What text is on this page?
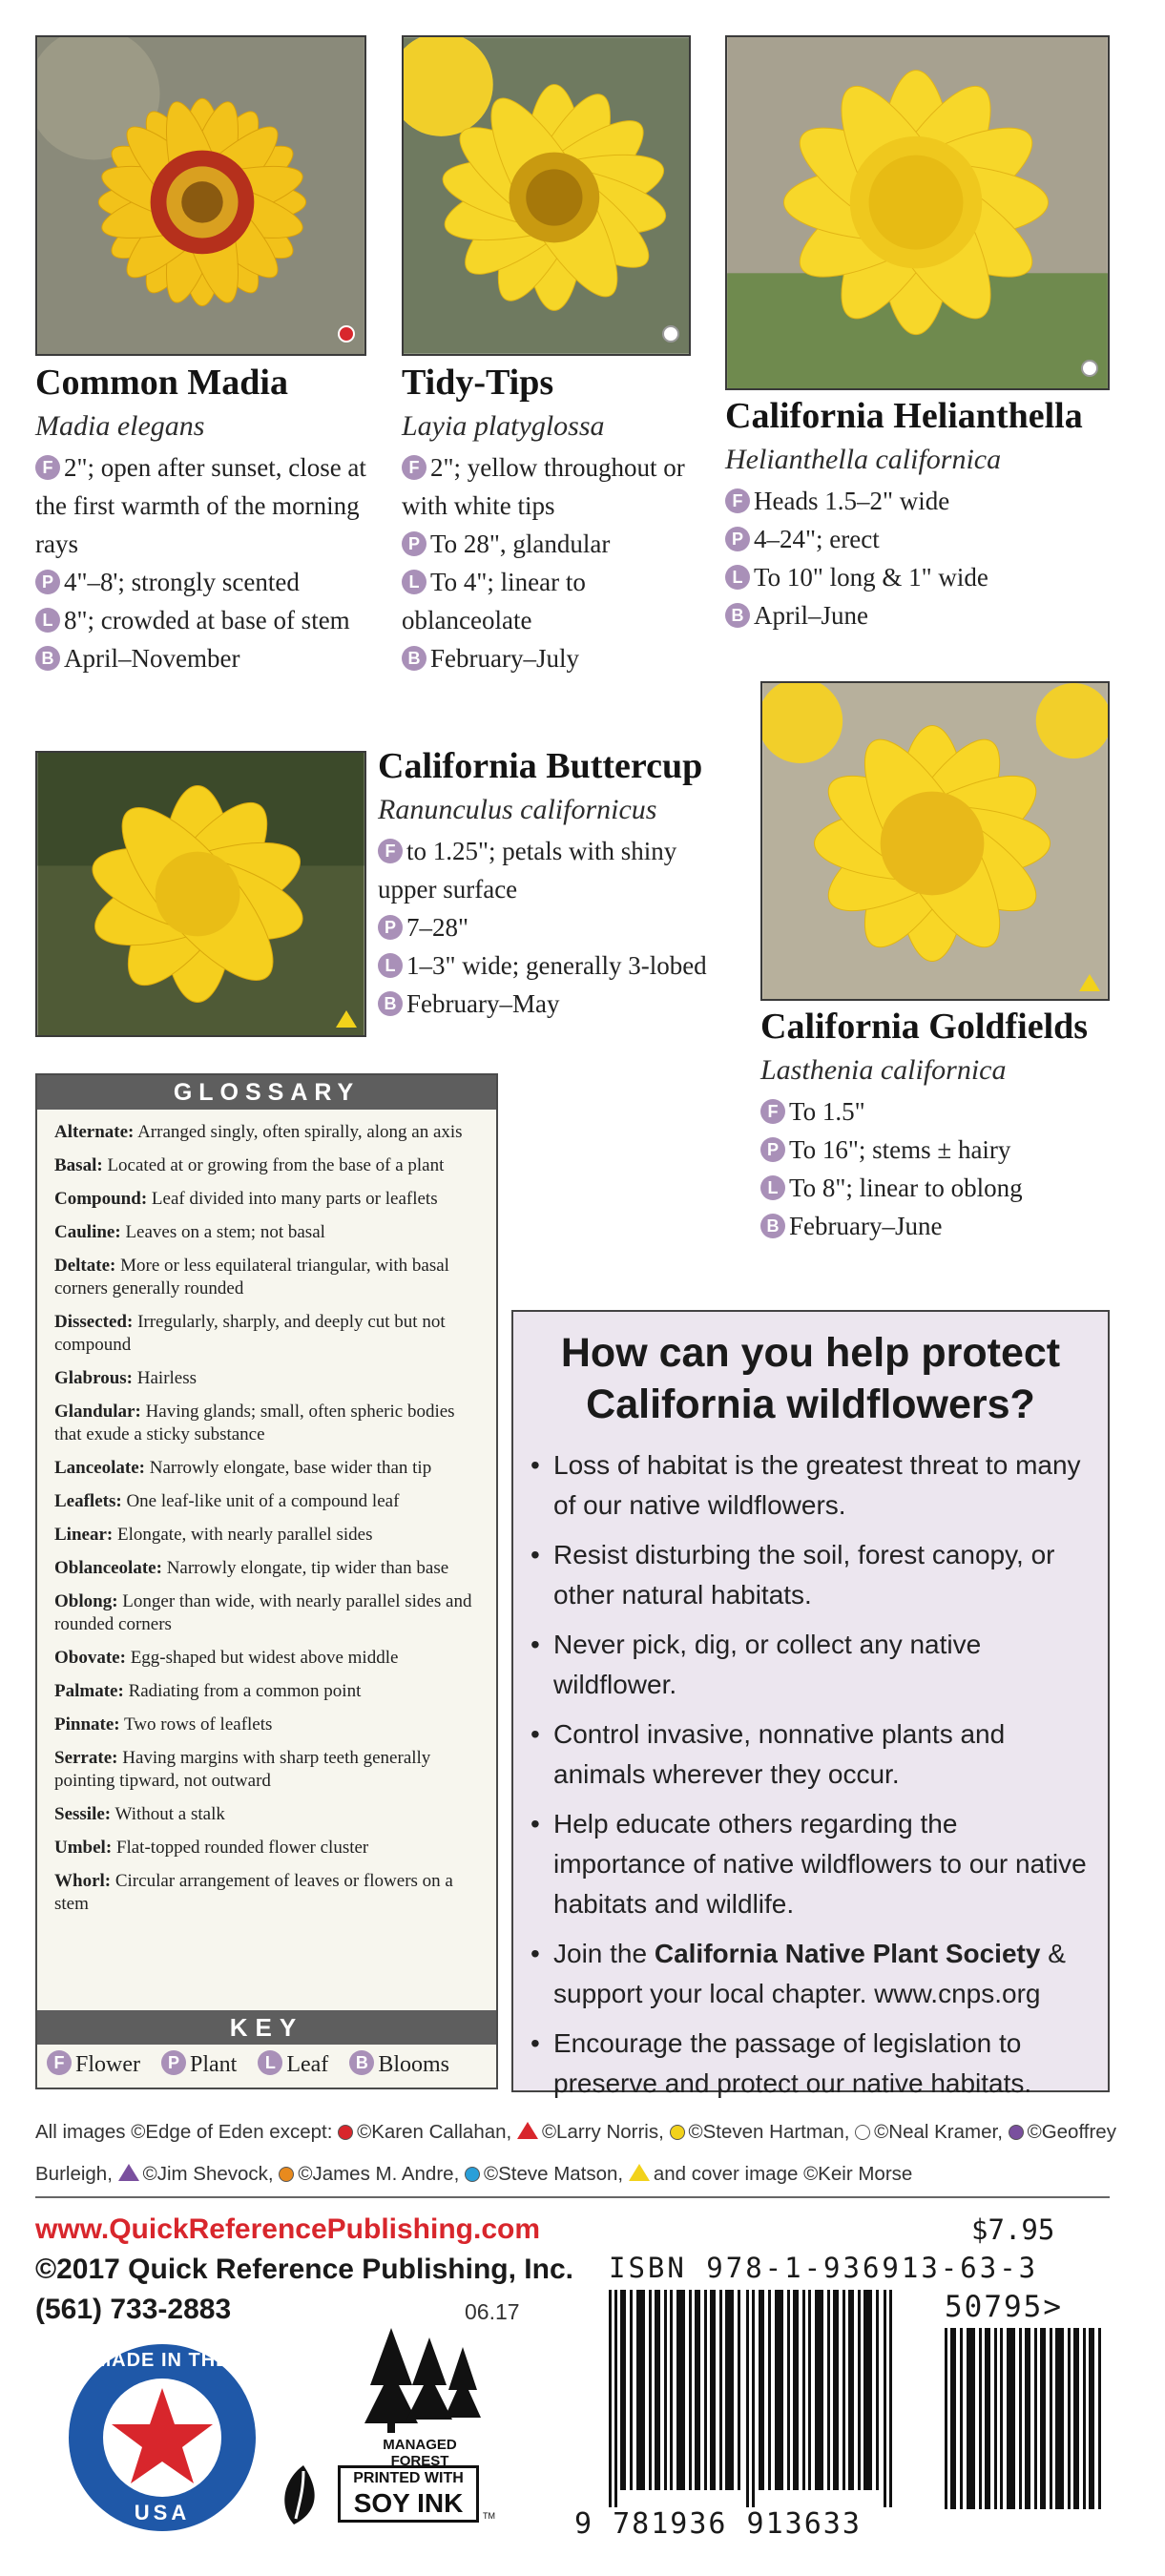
Common Madia
Madia elegans
F 2"; open after sunset, close at the first warmth of the morning rays
P 4"–8'; strongly scented
L 8"; crowded at base of stem
B April–November
Tidy-Tips
Layia platyglossa
F 2"; yellow throughout or with white tips
P To 28", glandular
L To 4"; linear to oblanceolate
B February–July
California Helianthella
Helianthella californica
F Heads 1.5–2" wide
P 4–24"; erect
L To 10" long & 1" wide
B April–June
California Buttercup
Ranunculus californicus
F to 1.25"; petals with shiny upper surface
P 7–28"
L 1–3" wide; generally 3-lobed
B February–May
California Goldfields
Lasthenia californica
F To 1.5"
P To 16"; stems ± hairy
L To 8"; linear to oblong
B February–June
GLOSSARY
Alternate: Arranged singly, often spirally, along an axis
Basal: Located at or growing from the base of a plant
Compound: Leaf divided into many parts or leaflets
Cauline: Leaves on a stem; not basal
Deltate: More or less equilateral triangular, with basal corners generally rounded
Dissected: Irregularly, sharply, and deeply cut but not compound
Glabrous: Hairless
Glandular: Having glands; small, often spheric bodies that exude a sticky substance
Lanceolate: Narrowly elongate, base wider than tip
Leaflets: One leaf-like unit of a compound leaf
Linear: Elongate, with nearly parallel sides
Oblanceolate: Narrowly elongate, tip wider than base
Oblong: Longer than wide, with nearly parallel sides and rounded corners
Obovate: Egg-shaped but widest above middle
Palmate: Radiating from a common point
Pinnate: Two rows of leaflets
Serrate: Having margins with sharp teeth generally pointing tipward, not outward
Sessile: Without a stalk
Umbel: Flat-topped rounded flower cluster
Whorl: Circular arrangement of leaves or flowers on a stem
KEY
F Flower P Plant L Leaf B Blooms
How can you help protect
California wildflowers?
• Loss of habitat is the greatest threat to many of our native wildflowers.
• Resist disturbing the soil, forest canopy, or other natural habitats.
• Never pick, dig, or collect any native wildflower.
• Control invasive, nonnative plants and animals wherever they occur.
• Help educate others regarding the importance of native wildflowers to our native habitats and wildlife.
• Join the California Native Plant Society & support your local chapter. www.cnps.org
• Encourage the passage of legislation to preserve and protect our native habitats.
All images ©Edge of Eden except: ©Karen Callahan, ©Larry Norris, ©Steven Hartman, ©Neal Kramer, ©Geoffrey Burleigh, ©Jim Shevock, ©James M. Andre, ©Steve Matson, and cover image ©Keir Morse
www.QuickReferencePublishing.com
©2017 Quick Reference Publishing, Inc.
(561) 733-2883	06.17
MADE IN THE
USA
MANAGED FOREST
PRINTED WITH
SOY INK	TM
$7.95
ISBN 978-1-936913-63-3
50795>
9 781936 913633
